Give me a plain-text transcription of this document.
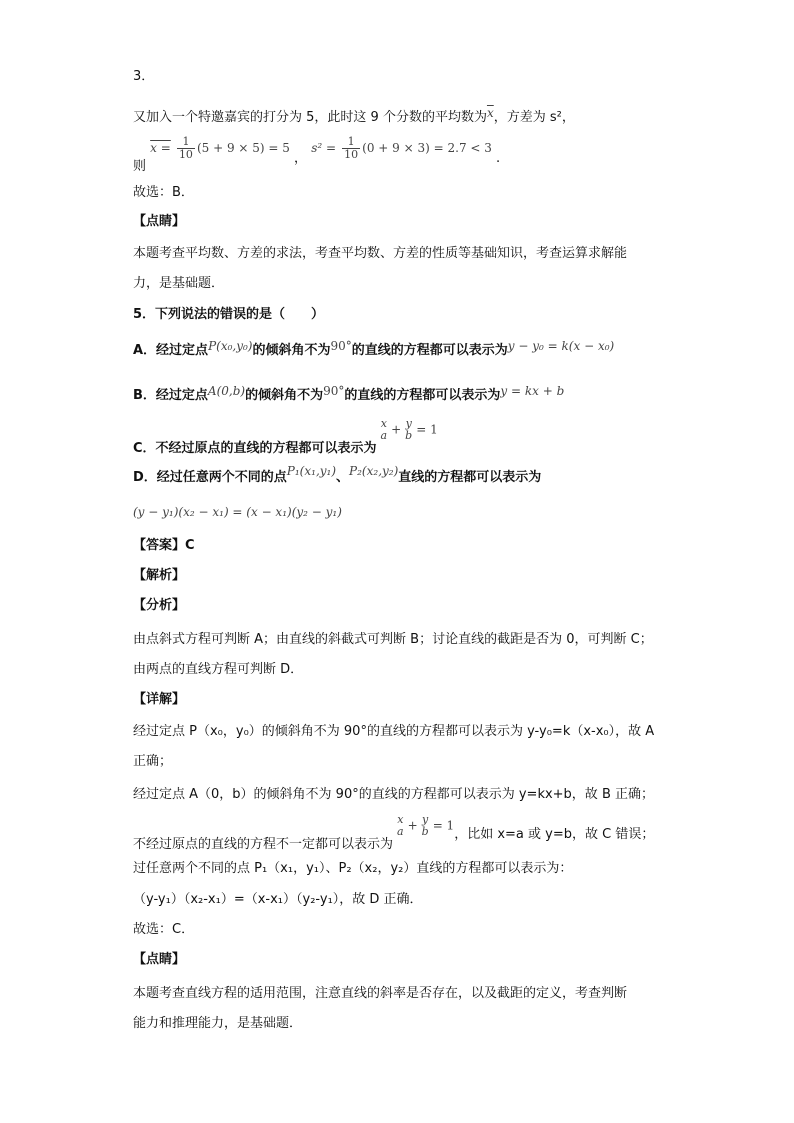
3．
又加入一个特邀嘉宾的打分为 5，此时这 9 个分数的平均数为$\overline{x}$，方差为 s²，
则 $x = \frac{1}{10} (5 + 9 \times 5) = 5$ ， $s^2 = \frac{1}{10} (0 + 9 \times 3) = 2.7 < 3$ .
故选：B．
【点睛】
本题考查平均数、方差的求法，考查平均数、方差的性质等基础知识，考查运算求解能
力，是基础题．
5．下列说法的错误的是（　　）
A．经过定点P(x₀,y₀)的倾斜角不为90°的直线的方程都可以表示为y − y₀ = k(x − x₀)
B．经过定点A(0,b)的倾斜角不为90°的直线的方程都可以表示为y = kx + b
C．不经过原点的直线的方程都可以表示为
x
a + y
b = 1
D．经过任意两个不同的点P₁(x₁,y₁)、P₂(x₂,y₂)直线的方程都可以表示为
(y − y₁)(x₂ − x₁) = (x − x₁)(y₂ − y₁)
【答案】C
【解析】
【分析】
由点斜式方程可判断 A；由直线的斜截式可判断 B；讨论直线的截距是否为 0，可判断 C；
由两点的直线方程可判断 D．
【详解】
经过定点 P（x₀，y₀）的倾斜角不为 90°的直线的方程都可以表示为 y-y₀=k（x-x₀），故 A
正确；
经过定点 A（0，b）的倾斜角不为 90°的直线的方程都可以表示为 y=kx+b，故 B 正确；
不经过原点的直线的方程不一定都可以表示为
x
a + y
b = 1，比如 x=a 或 y=b，故 C 错误；
过任意两个不同的点 P₁（x₁，y₁）、P₂（x₂，y₂）直线的方程都可以表示为：
（y-y₁）（x₂-x₁）=（x-x₁）（y₂-y₁），故 D 正确．
故选：C．
【点睛】
本题考查直线方程的适用范围，注意直线的斜率是否存在，以及截距的定义，考查判断
能力和推理能力，是基础题．
